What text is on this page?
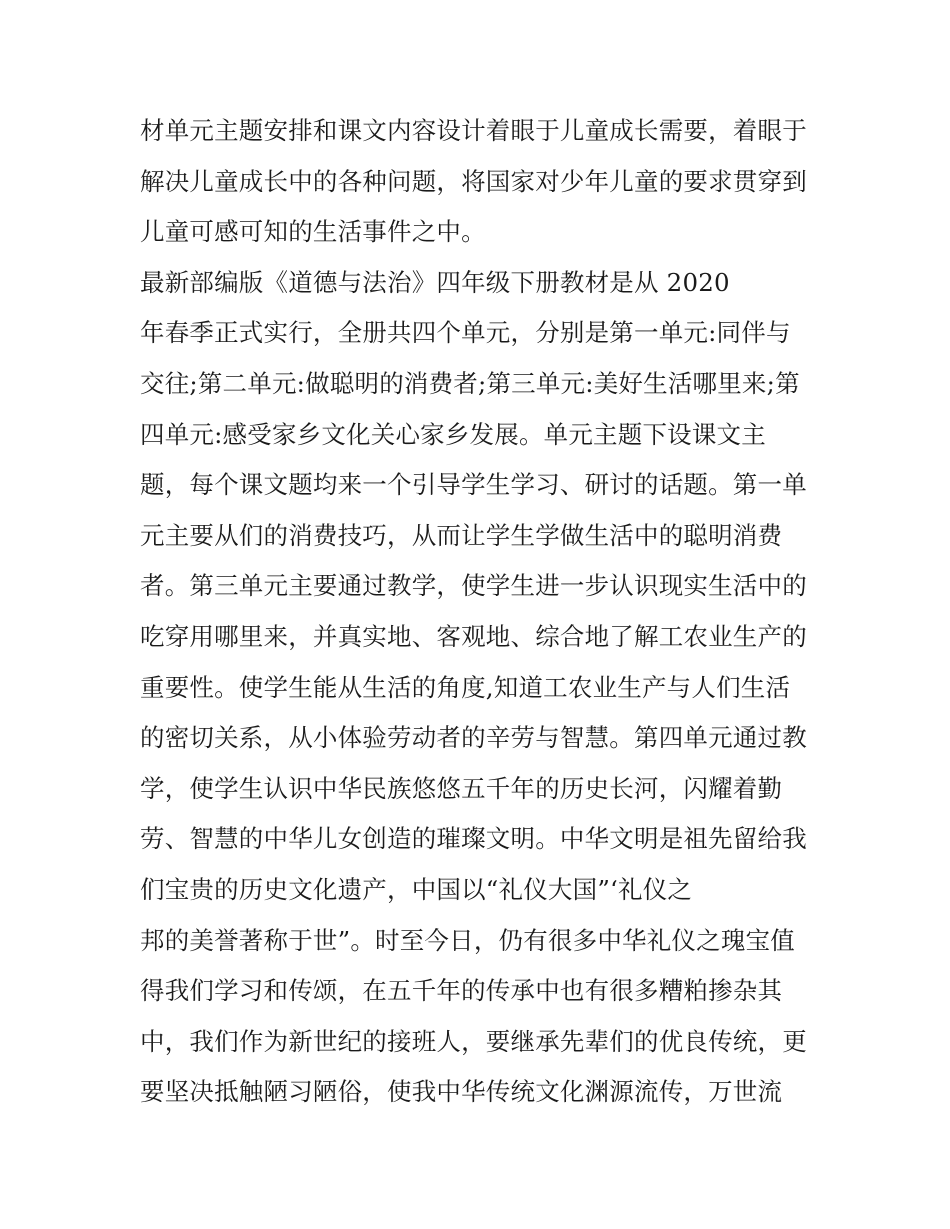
材单元主题安排和课文内容设计着眼于儿童成长需要，着眼于
解决儿童成长中的各种问题，将国家对少年儿童的要求贯穿到
儿童可感可知的生活事件之中。
最新部编版《道德与法治》四年级下册教材是从 2020
年春季正式实行，全册共四个单元，分别是第一单元:同伴与
交往;第二单元:做聪明的消费者;第三单元:美好生活哪里来;第
四单元:感受家乡文化关心家乡发展。单元主题下设课文主
题，每个课文题均来一个引导学生学习、研讨的话题。第一单
元主要从们的消费技巧，从而让学生学做生活中的聪明消费
者。第三单元主要通过教学，使学生进一步认识现实生活中的
吃穿用哪里来，并真实地、客观地、综合地了解工农业生产的
重要性。使学生能从生活的角度,知道工农业生产与人们生活
的密切关系，从小体验劳动者的辛劳与智慧。第四单元通过教
学，使学生认识中华民族悠悠五千年的历史长河，闪耀着勤
劳、智慧的中华儿女创造的璀璨文明。中华文明是祖先留给我
们宝贵的历史文化遗产，中国以“礼仪大国”‘礼仪之
邦的美誉著称于世”。时至今日，仍有很多中华礼仪之瑰宝值
得我们学习和传颂，在五千年的传承中也有很多糟粕掺杂其
中，我们作为新世纪的接班人，要继承先辈们的优良传统，更
要坚决抵触陋习陋俗，使我中华传统文化渊源流传，万世流
